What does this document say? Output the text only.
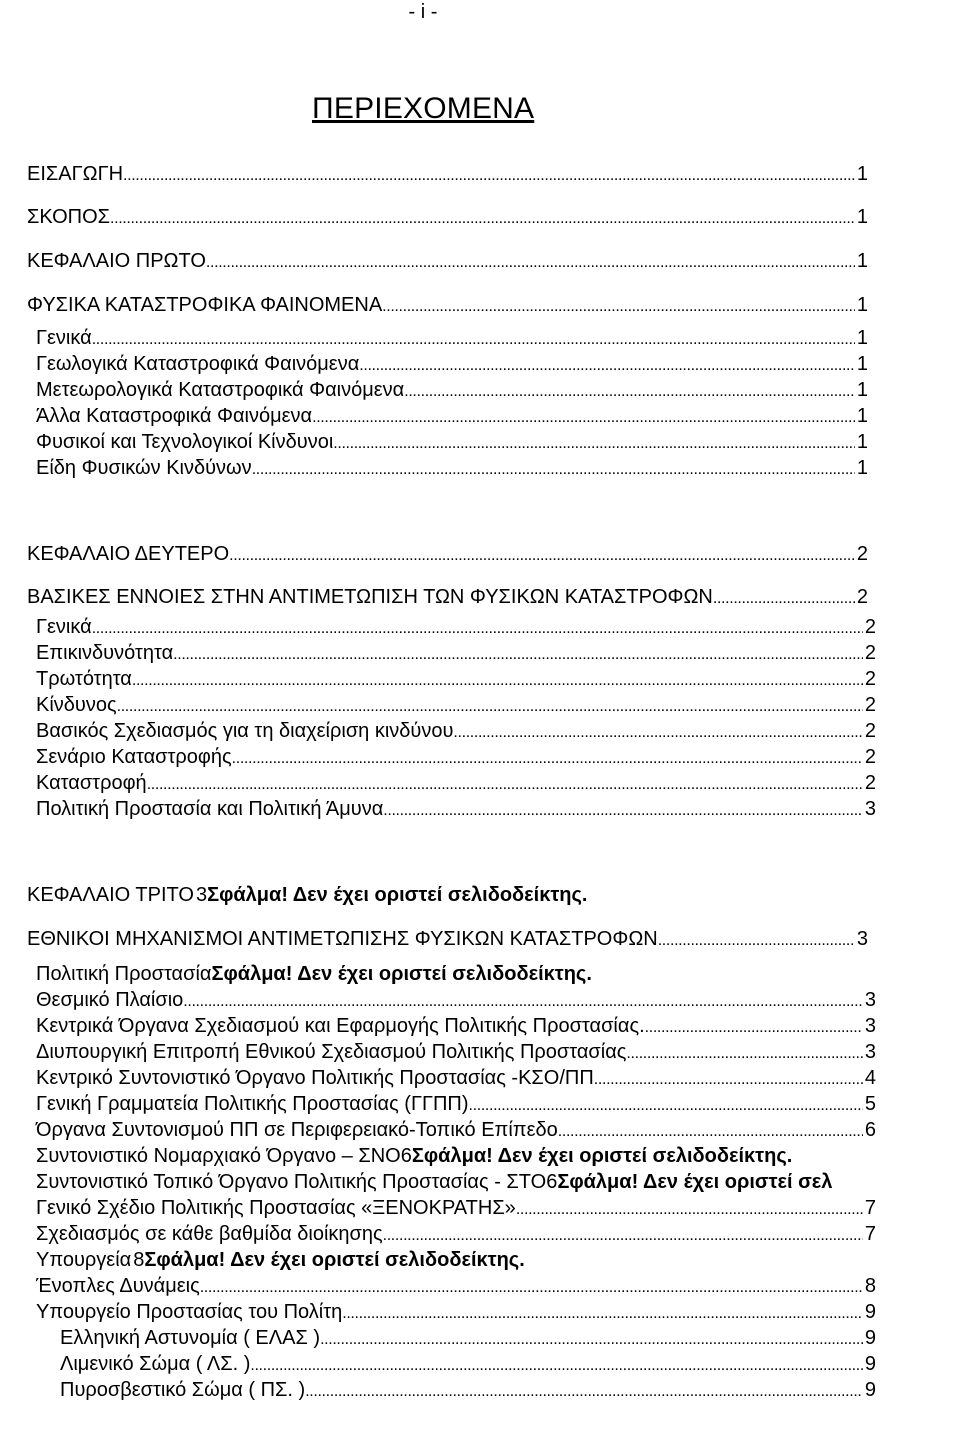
- i -
ΠΕΡΙΕΧΟΜΕΝΑ
ΕΙΣΑΓΩΓΗ . . .	1
ΣΚΟΠΟΣ . . .	1
ΚΕΦΑΛΑΙΟ ΠΡΩΤΟ . . .	1
ΦΥΣΙΚΑ ΚΑΤΑΣΤΡΟΦΙΚΑ ΦΑΙΝΟΜΕΝΑ . . .	1
Γενικά . . .	1
Γεωλογικά Καταστροφικά Φαινόμενα . . .	1
Μετεωρολογικά Καταστροφικά Φαινόμενα . . .	1
Άλλα Καταστροφικά Φαινόμενα . . .	1
Φυσικοί και Τεχνολογικοί Κίνδυνοι . . .	1
Είδη Φυσικών Κινδύνων . . .	1
ΚΕΦΑΛΑΙΟ ΔΕΥΤΕΡΟ . . .	2
ΒΑΣΙΚΕΣ ΕΝΝΟΙΕΣ ΣΤΗΝ ΑΝΤΙΜΕΤΩΠΙΣΗ ΤΩΝ ΦΥΣΙΚΩΝ ΚΑΤΑΣΤΡΟΦΩΝ . . .	2
Γενικά . . .	2
Επικινδυνότητα . . .	2
Τρωτότητα . . .	2
Κίνδυνος . . .	2
Βασικός Σχεδιασμός για τη διαχείριση κινδύνου . . .	2
Σενάριο Καταστροφής . . .	2
Καταστροφή . . .	2
Πολιτική Προστασία και Πολιτική Άμυνα . . .	3
ΚΕΦΑΛΑΙΟ ΤΡΙΤΟ 3 Σφάλμα! Δεν έχει οριστεί σελιδοδείκτης.
ΕΘΝΙΚΟΙ ΜΗΧΑΝΙΣΜΟΙ ΑΝΤΙΜΕΤΩΠΙΣΗΣ ΦΥΣΙΚΩΝ ΚΑΤΑΣΤΡΟΦΩΝ . . .	3
Πολιτική Προστασία Σφάλμα! Δεν έχει οριστεί σελιδοδείκτης.
Θεσμικό Πλαίσιο . . .	3
Κεντρικά Όργανα Σχεδιασμού και Εφαρμογής Πολιτικής Προστασίας. . . .	3
Διυπουργική Επιτροπή Εθνικού Σχεδιασμού Πολιτικής Προστασίας . . .	3
Κεντρικό Συντονιστικό Όργανο Πολιτικής Προστασίας -ΚΣΟ/ΠΠ . . .	4
Γενική Γραμματεία Πολιτικής Προστασίας (ΓΓΠΠ) . . .	5
Όργανα Συντονισμού ΠΠ σε Περιφερειακό-Τοπικό Επίπεδο . . .	6
Συντονιστικό Νομαρχιακό Όργανο – ΣΝΟ 6 Σφάλμα! Δεν έχει οριστεί σελιδοδείκτης.
Συντονιστικό Τοπικό Όργανο Πολιτικής Προστασίας - ΣΤΟ 6 Σφάλμα! Δεν έχει οριστεί σελ
Γενικό Σχέδιο Πολιτικής Προστασίας «ΞΕΝΟΚΡΑΤΗΣ» . . .	7
Σχεδιασμός σε κάθε βαθμίδα διοίκησης . . .	7
Υπουργεία 8 Σφάλμα! Δεν έχει οριστεί σελιδοδείκτης.
Ένοπλες Δυνάμεις . . .	8
Υπουργείο Προστασίας του Πολίτη . . .	9
Ελληνική Αστυνομία ( ΕΛΑΣ ) . . .	9
Λιμενικό Σώμα ( ΛΣ. ) . . .	9
Πυροσβεστικό Σώμα ( ΠΣ. ) . . .	9
